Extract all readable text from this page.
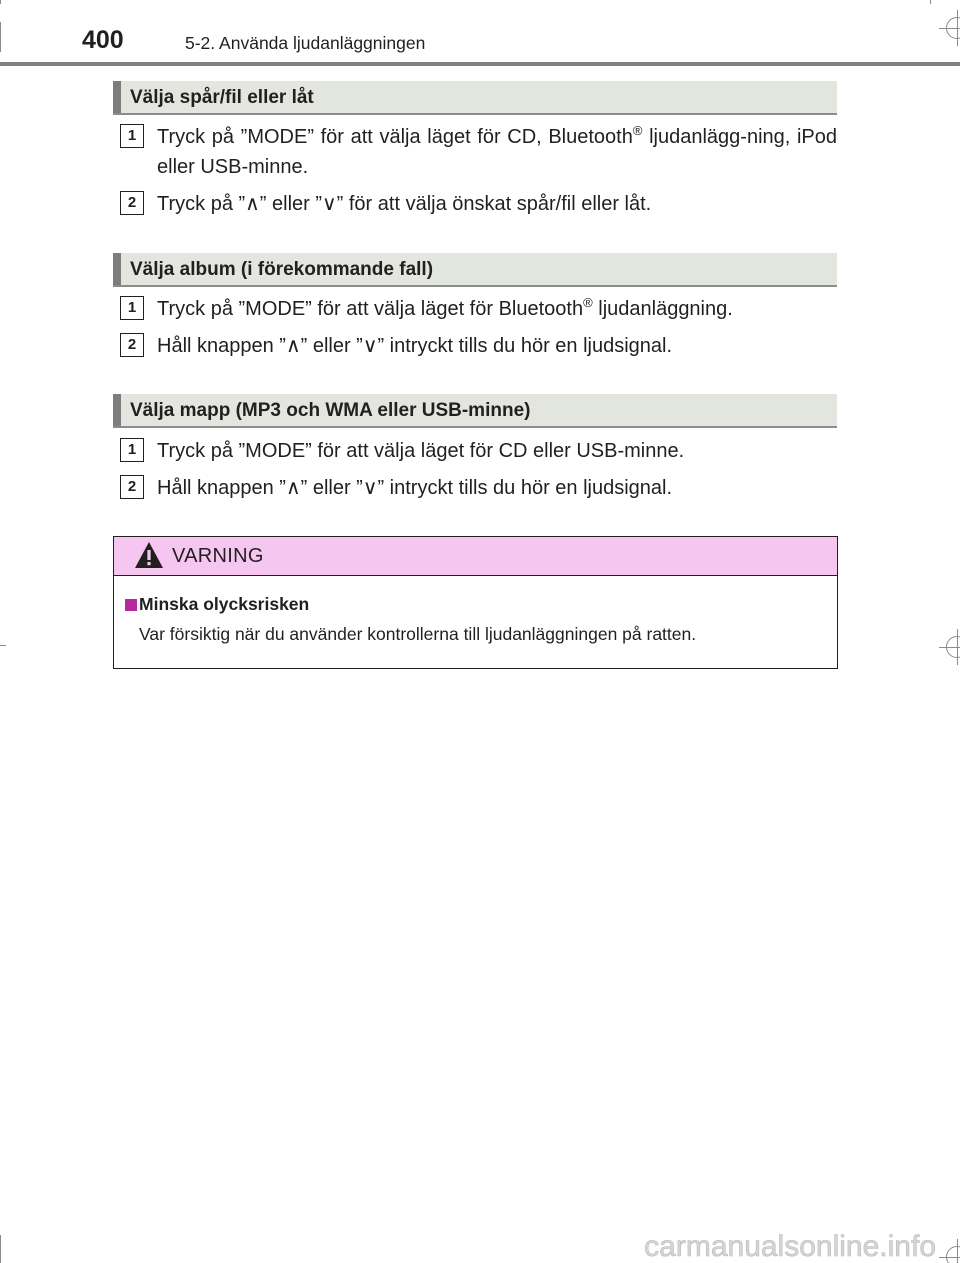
400	5-2. Använda ljudanläggningen
Välja spår/fil eller låt
1	Tryck på ”MODE” för att välja läget för CD, Bluetooth® ljudanlägg-ning, iPod eller USB-minne.
2	Tryck på ”∧” eller ”∨” för att välja önskat spår/fil eller låt.
Välja album (i förekommande fall)
1	Tryck på ”MODE” för att välja läget för Bluetooth® ljudanläggning.
2	Håll knappen ”∧” eller ”∨” intryckt tills du hör en ljudsignal.
Välja mapp (MP3 och WMA eller USB-minne)
1	Tryck på ”MODE” för att välja läget för CD eller USB-minne.
2	Håll knappen ”∧” eller ”∨” intryckt tills du hör en ljudsignal.
VARNING
Minska olycksrisken
Var försiktig när du använder kontrollerna till ljudanläggningen på ratten.
carmanualsonline.info
